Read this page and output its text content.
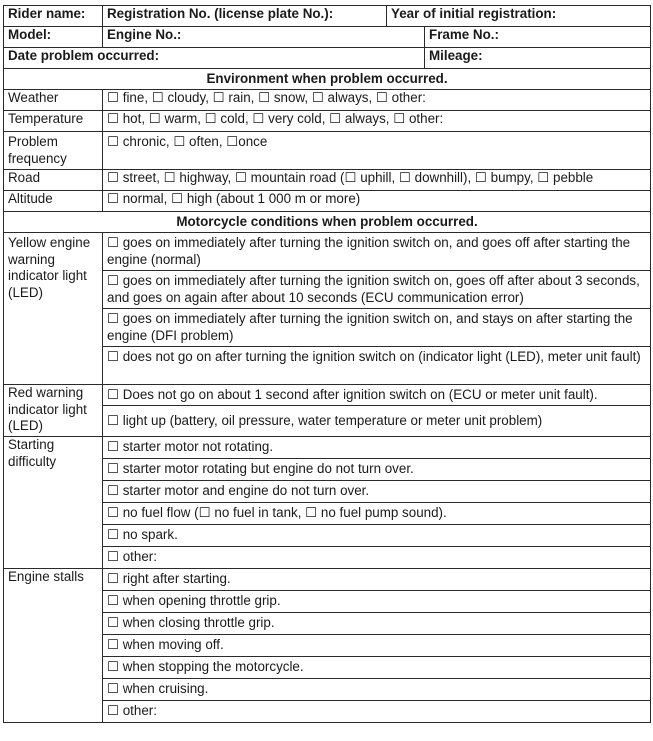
Rider name:	Registration No. (license plate No.):	Year of initial registration:	
Model:	Engine No.:		Frame No.:
Date problem occurred:			Mileage:
Environment when problem occurred.			
Weather	☐ fine, ☐ cloudy, ☐ rain, ☐ snow, ☐ always, ☐ other:		
Temperature	☐ hot, ☐ warm, ☐ cold, ☐ very cold, ☐ always, ☐ other:		
Problem frequency	☐ chronic, ☐ often, ☐once		
Road	☐ street, ☐ highway, ☐ mountain road (☐ uphill, ☐ downhill), ☐ bumpy, ☐ pebble		
Altitude	☐ normal, ☐ high (about 1 000 m or more)		
Motorcycle conditions when problem occurred.			
Yellow engine warning indicator light (LED)	☐ goes on immediately after turning the ignition switch on, and goes off after starting the engine (normal)		
	☐ goes on immediately after turning the ignition switch on, goes off after about 3 seconds, and goes on again after about 10 seconds (ECU communication error)		
	☐ goes on immediately after turning the ignition switch on, and stays on after starting the engine (DFI problem)		
	☐ does not go on after turning the ignition switch on (indicator light (LED), meter unit fault)		
Red warning indicator light (LED)	☐ Does not go on about 1 second after ignition switch on (ECU or meter unit fault).		
	☐ light up (battery, oil pressure, water temperature or meter unit problem)		
Starting difficulty	☐ starter motor not rotating.		
	☐ starter motor rotating but engine do not turn over.		
	☐ starter motor and engine do not turn over.		
	☐ no fuel flow (☐ no fuel in tank, ☐ no fuel pump sound).		
	☐ no spark.		
	☐ other:		
Engine stalls	☐ right after starting.		
	☐ when opening throttle grip.		
	☐ when closing throttle grip.		
	☐ when moving off.		
	☐ when stopping the motorcycle.		
	☐ when cruising.		
	☐ other:		
